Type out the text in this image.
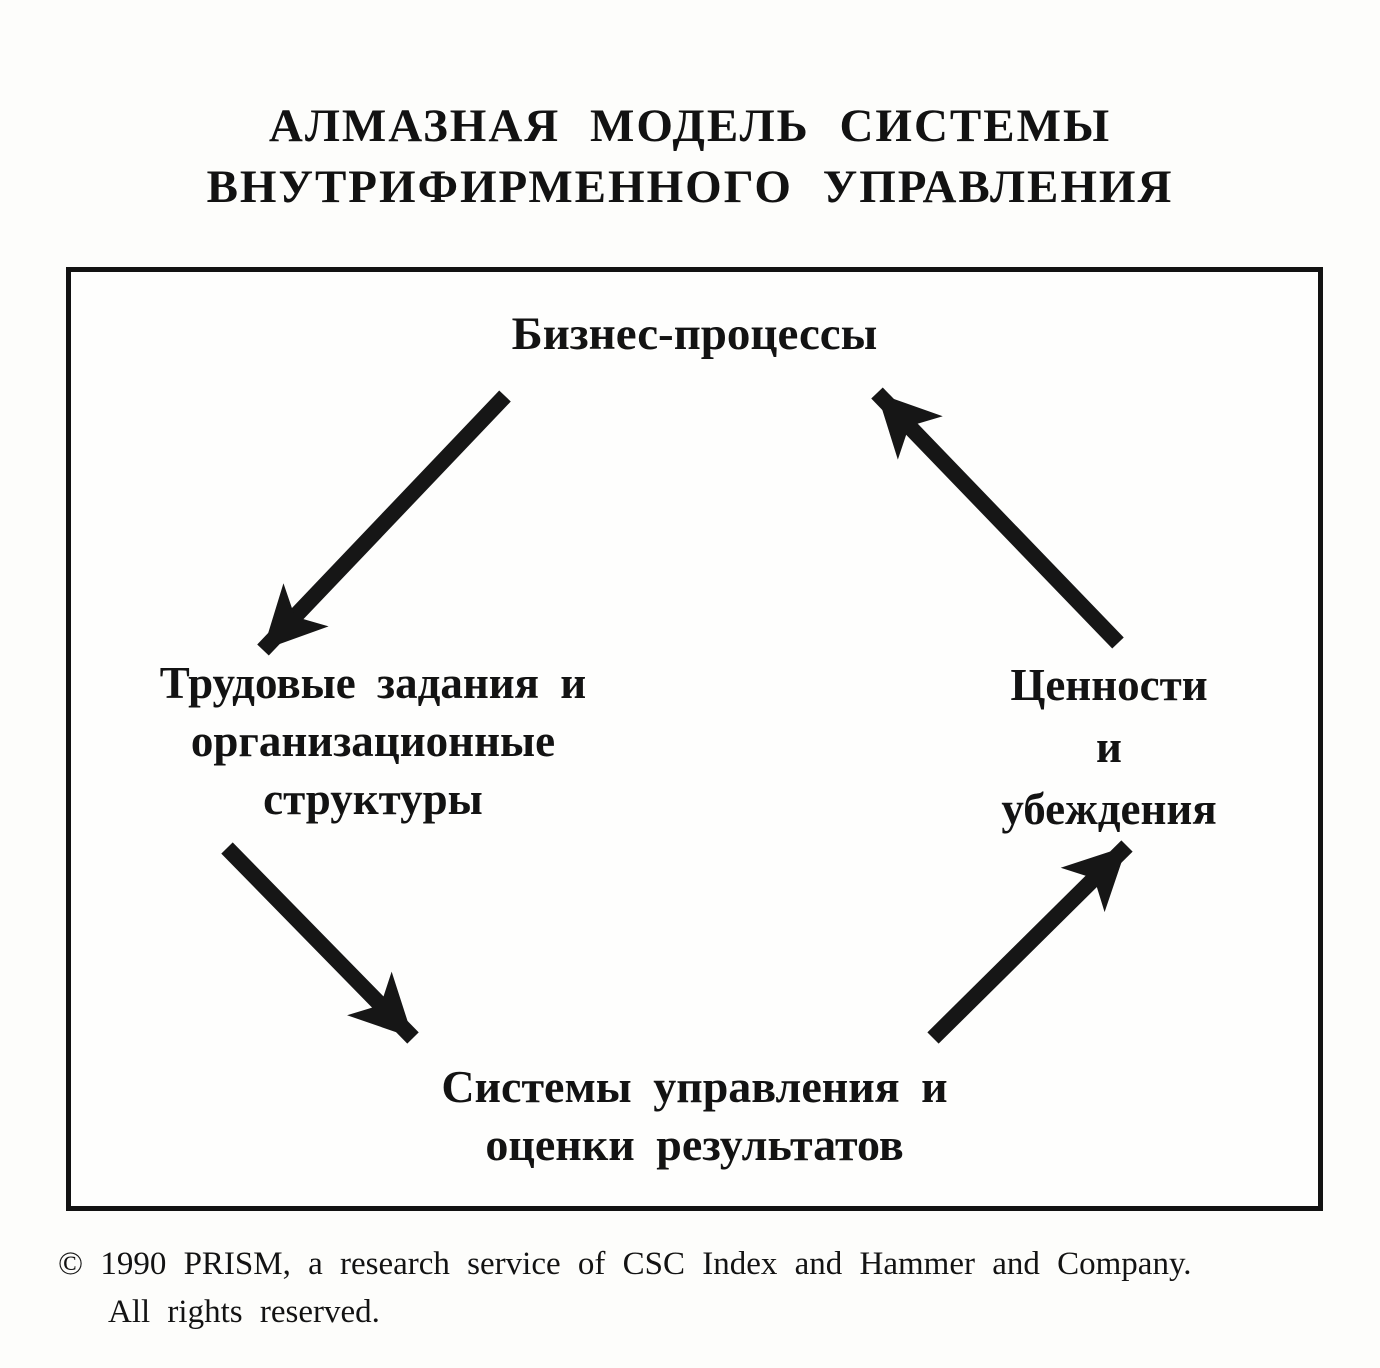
АЛМАЗНАЯ МОДЕЛЬ СИСТЕМЫ
ВНУТРИФИРМЕННОГО УПРАВЛЕНИЯ
Бизнес-процессы
Трудовые задания и
организационные
структуры
Ценности
и
убеждения
Системы управления и
оценки результатов
© 1990 PRISM, a research service of CSC Index and Hammer and Company.
All rights reserved.
